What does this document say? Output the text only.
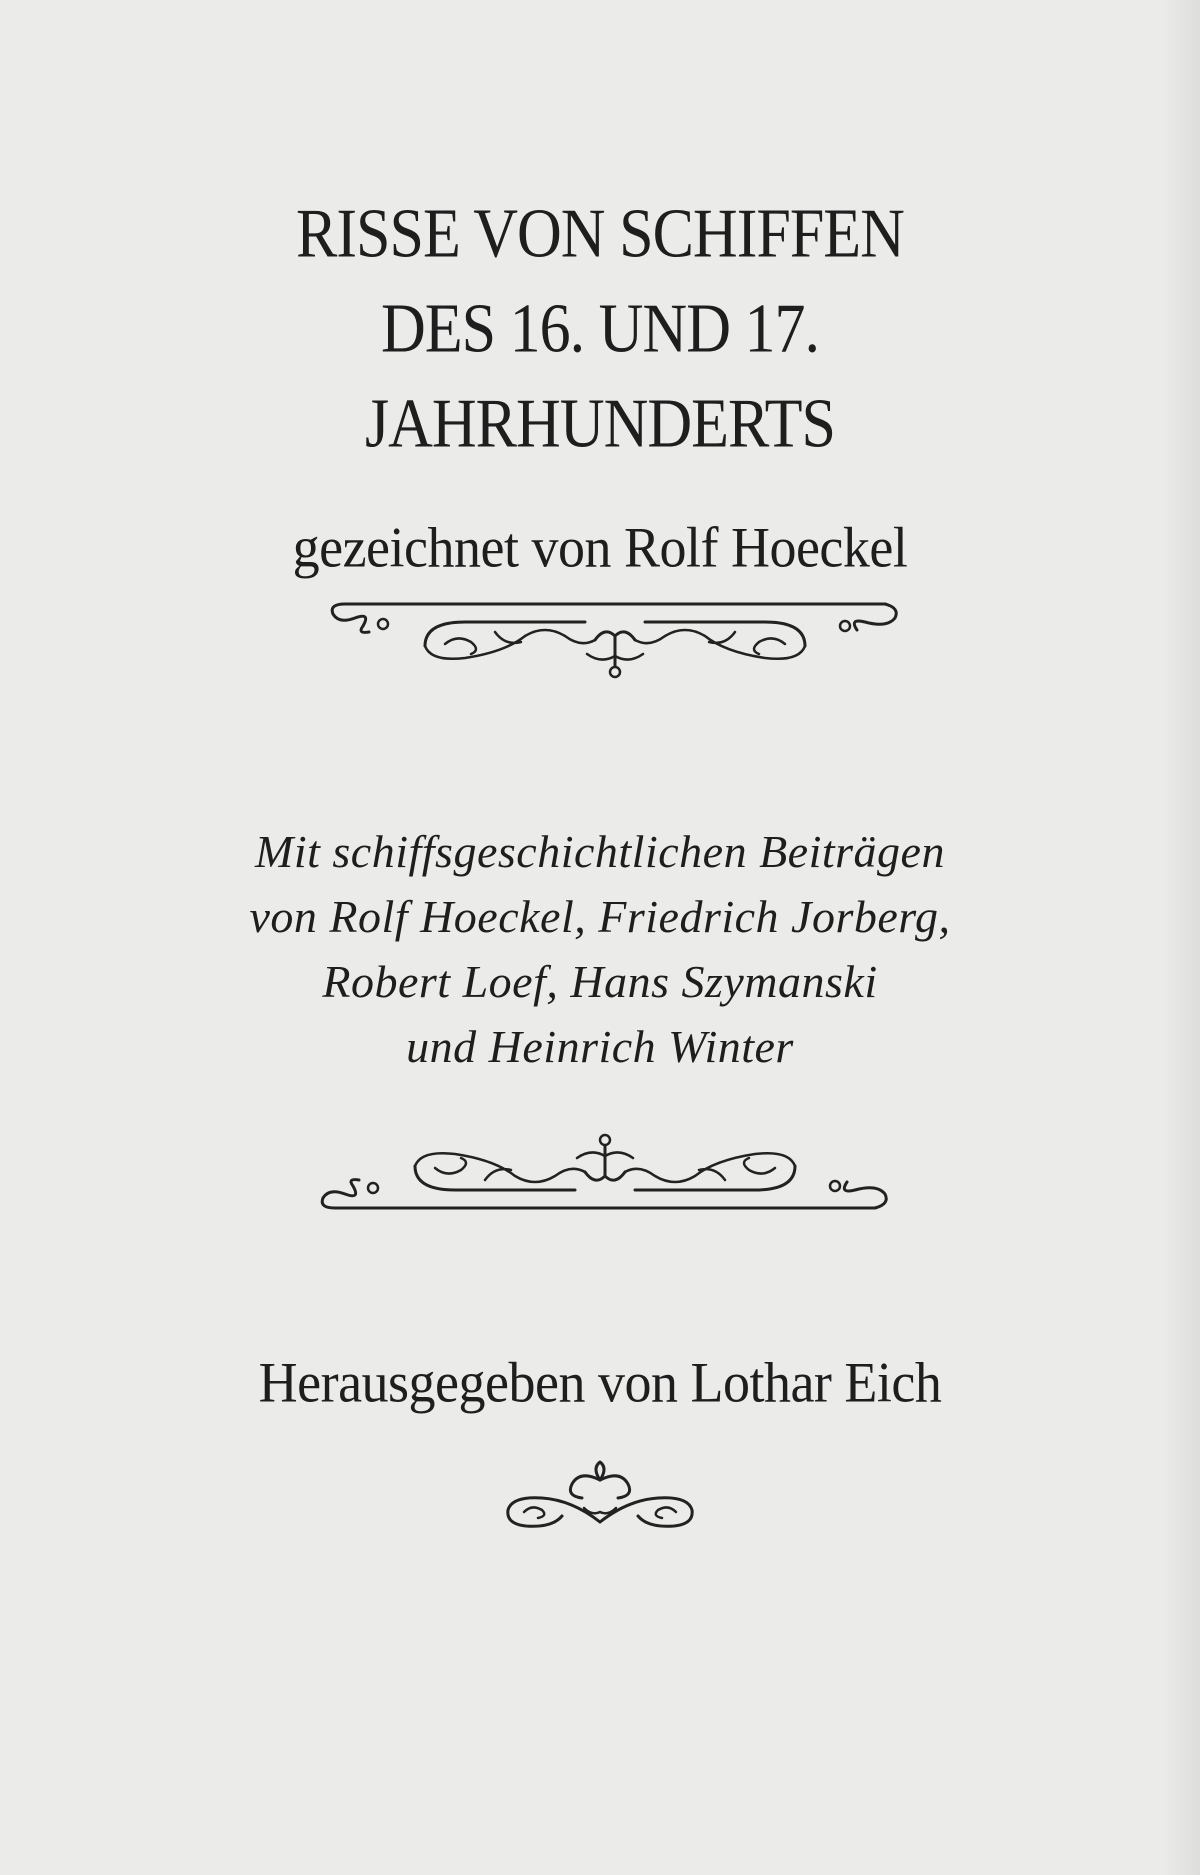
RISSE VON SCHIFFEN
DES 16. UND 17.
JAHRHUNDERTS
gezeichnet von Rolf Hoeckel
Mit schiffsgeschichtlichen Beiträgen
von Rolf Hoeckel, Friedrich Jorberg,
Robert Loef, Hans Szymanski
und Heinrich Winter
Herausgegeben von Lothar Eich
